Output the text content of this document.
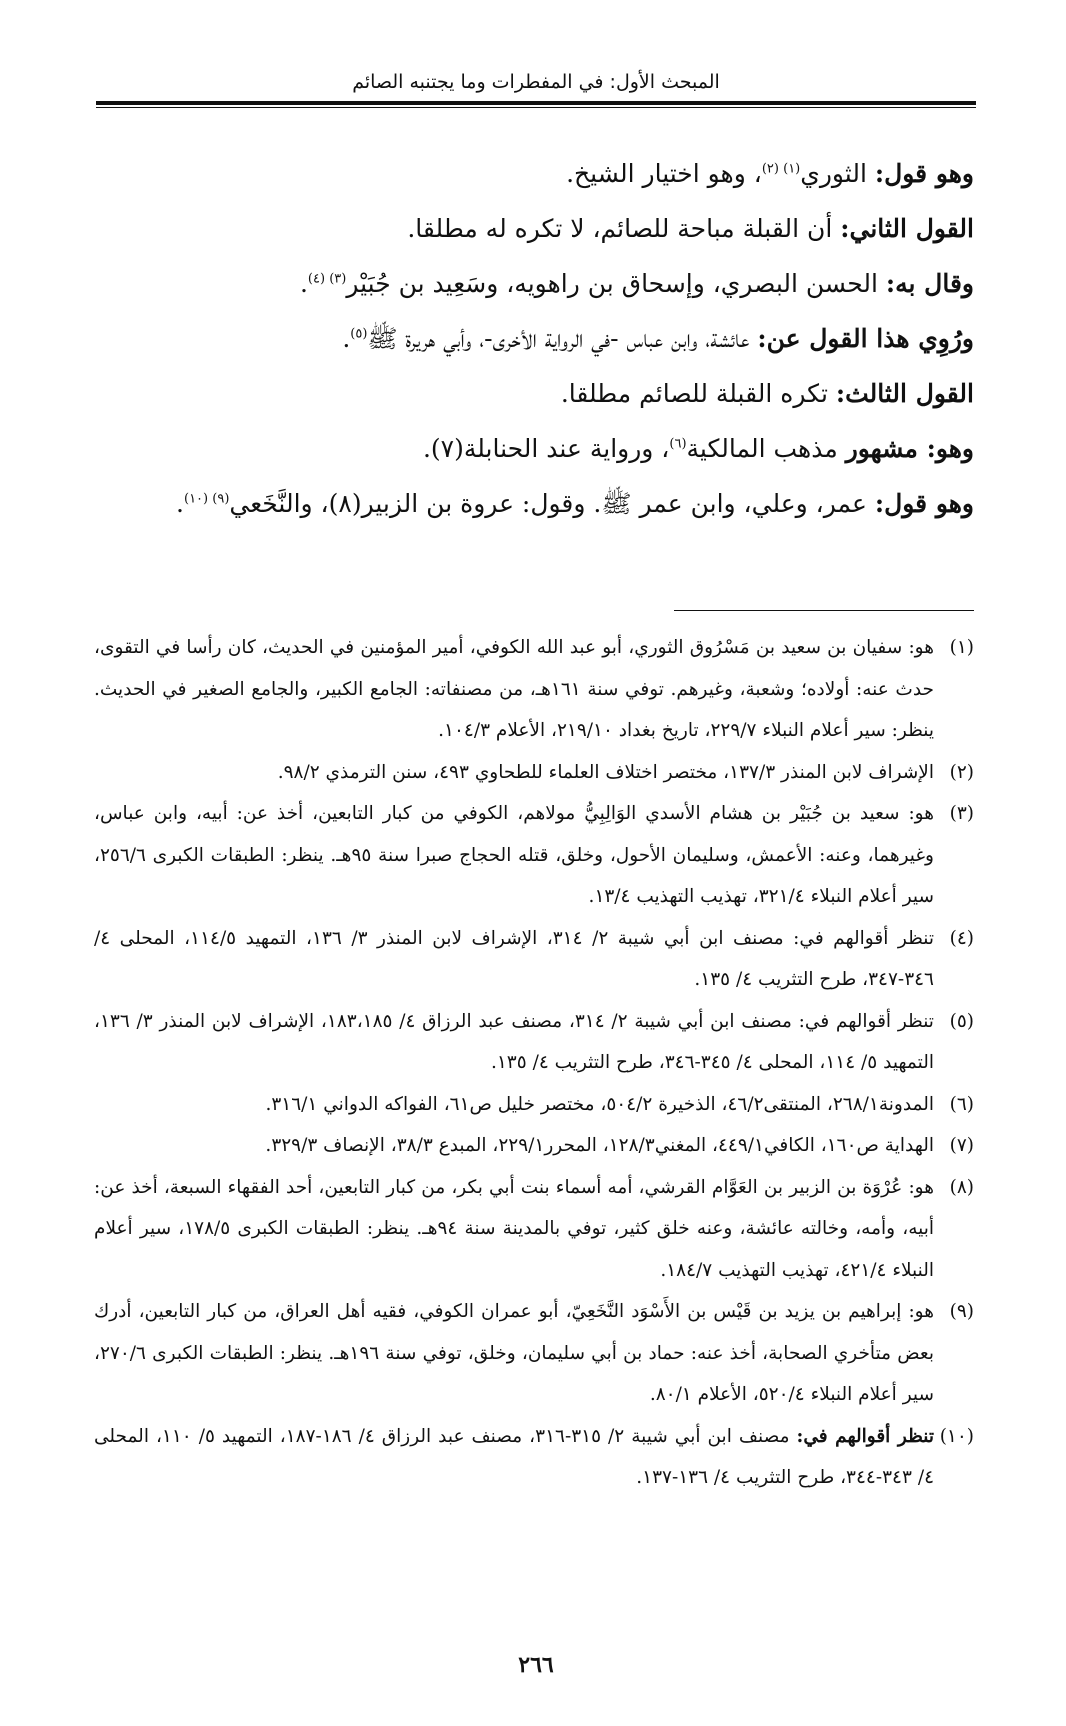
المبحث الأول: في المفطرات وما يجتنبه الصائم
وهو قول: الثوري$^{(١) (٢)}$، وهو اختيار الشيخ.
القول الثاني: أن القبلة مباحة للصائم، لا تكره له مطلقا.
وقال به: الحسن البصري، وإسحاق بن راهويه، وسَعِيد بن جُبَيْر$^{(٣) (٤)}$.
ورُوِي هذا القول عن: عائشة، وابن عباس -في الرواية الأخرى-، وأبي هريرة ﷺ$^{(٥)}$.
القول الثالث: تكره القبلة للصائم مطلقا.
وهو: مشهور مذهب المالكية$^{(٦)}$، ورواية عند الحنابلة(٧).
وهو قول: عمر، وعلي، وابن عمر ﷺ. وقول: عروة بن الزبير(٨)، والنَّخَعي$^{(٩) (١٠)}$.
(١)
هو: سفيان بن سعيد بن مَسْرُوق الثوري، أبو عبد الله الكوفي، أمير المؤمنين في الحديث، كان رأسا في التقوى، حدث عنه: أولاده؛ وشعبة، وغيرهم. توفي سنة ١٦١هـ، من مصنفاته: الجامع الكبير، والجامع الصغير في الحديث. ينظر: سير أعلام النبلاء ٢٢٩/٧، تاريخ بغداد ٢١٩/١٠، الأعلام ١٠٤/٣.
(٢)
الإشراف لابن المنذر ١٣٧/٣، مختصر اختلاف العلماء للطحاوي ٤٩٣، سنن الترمذي ٩٨/٢.
(٣)
هو: سعيد بن جُبَيْر بن هشام الأسدي الوَالِبِيُّ مولاهم، الكوفي من كبار التابعين، أخذ عن: أبيه، وابن عباس، وغيرهما، وعنه: الأعمش، وسليمان الأحول، وخلق، قتله الحجاج صبرا سنة ٩٥هـ. ينظر: الطبقات الكبرى ٢٥٦/٦، سير أعلام النبلاء ٣٢١/٤، تهذيب التهذيب ١٣/٤.
(٤)
تنظر أقوالهم في: مصنف ابن أبي شيبة ٢/ ٣١٤، الإشراف لابن المنذر ٣/ ١٣٦، التمهيد ١١٤/٥، المحلى ٤/ ٣٤٦-٣٤٧، طرح التثريب ٤/ ١٣٥.
(٥)
تنظر أقوالهم في: مصنف ابن أبي شيبة ٢/ ٣١٤، مصنف عبد الرزاق ٤/ ١٨٣،١٨٥، الإشراف لابن المنذر ٣/ ١٣٦، التمهيد ٥/ ١١٤، المحلى ٤/ ٣٤٥-٣٤٦، طرح التثريب ٤/ ١٣٥.
(٦)
المدونة٢٦٨/١، المنتقى٤٦/٢، الذخيرة ٥٠٤/٢، مختصر خليل ص٦١، الفواكه الدواني ٣١٦/١.
(٧)
الهداية ص١٦٠، الكافي٤٤٩/١، المغني١٢٨/٣، المحرر٢٢٩/١، المبدع ٣٨/٣، الإنصاف ٣٢٩/٣.
(٨)
هو: عُرْوَة بن الزبير بن العَوَّام القرشي، أمه أسماء بنت أبي بكر، من كبار التابعين، أحد الفقهاء السبعة، أخذ عن: أبيه، وأمه، وخالته عائشة، وعنه خلق كثير، توفي بالمدينة سنة ٩٤هـ. ينظر: الطبقات الكبرى ١٧٨/٥، سير أعلام النبلاء ٤٢١/٤، تهذيب التهذيب ١٨٤/٧.
(٩)
هو: إبراهيم بن يزيد بن قَيْس بن الأَسْوَد النَّخَعِيّ، أبو عمران الكوفي، فقيه أهل العراق، من كبار التابعين، أدرك بعض متأخري الصحابة، أخذ عنه: حماد بن أبي سليمان، وخلق، توفي سنة ١٩٦هـ. ينظر: الطبقات الكبرى ٢٧٠/٦، سير أعلام النبلاء ٥٢٠/٤، الأعلام ٨٠/١.
(١٠)
تنظر أقوالهم في: مصنف ابن أبي شيبة ٢/ ٣١٥-٣١٦، مصنف عبد الرزاق ٤/ ١٨٦-١٨٧، التمهيد ٥/ ١١٠، المحلى ٤/ ٣٤٣-٣٤٤، طرح التثريب ٤/ ١٣٦-١٣٧.
٢٦٦
